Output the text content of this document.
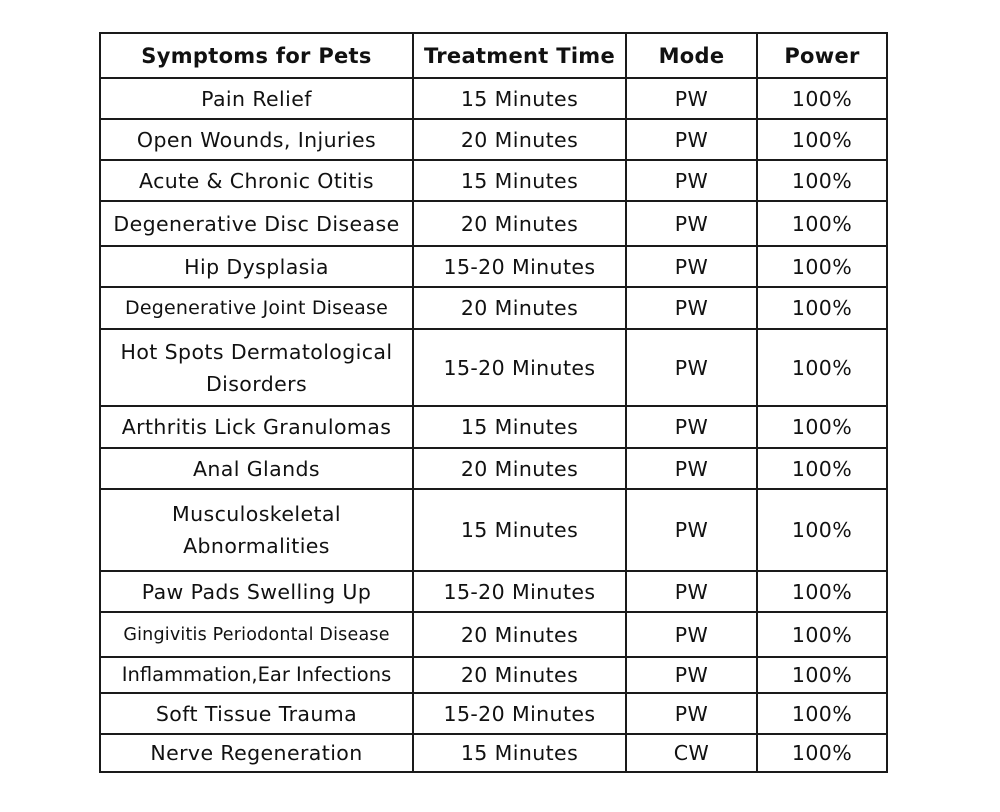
Symptoms for Pets	Treatment Time	Mode	Power
Pain Relief	15 Minutes	PW	100%
Open Wounds, Injuries	20 Minutes	PW	100%
Acute & Chronic Otitis	15 Minutes	PW	100%
Degenerative Disc Disease	20 Minutes	PW	100%
Hip Dysplasia	15-20 Minutes	PW	100%
Degenerative Joint Disease	20 Minutes	PW	100%
Hot Spots Dermatological Disorders	15-20 Minutes	PW	100%
Arthritis Lick Granulomas	15 Minutes	PW	100%
Anal Glands	20 Minutes	PW	100%
Musculoskeletal Abnormalities	15 Minutes	PW	100%
Paw Pads Swelling Up	15-20 Minutes	PW	100%
Gingivitis Periodontal Disease	20 Minutes	PW	100%
Inflammation,Ear Infections	20 Minutes	PW	100%
Soft Tissue Trauma	15-20 Minutes	PW	100%
Nerve Regeneration	15 Minutes	CW	100%
